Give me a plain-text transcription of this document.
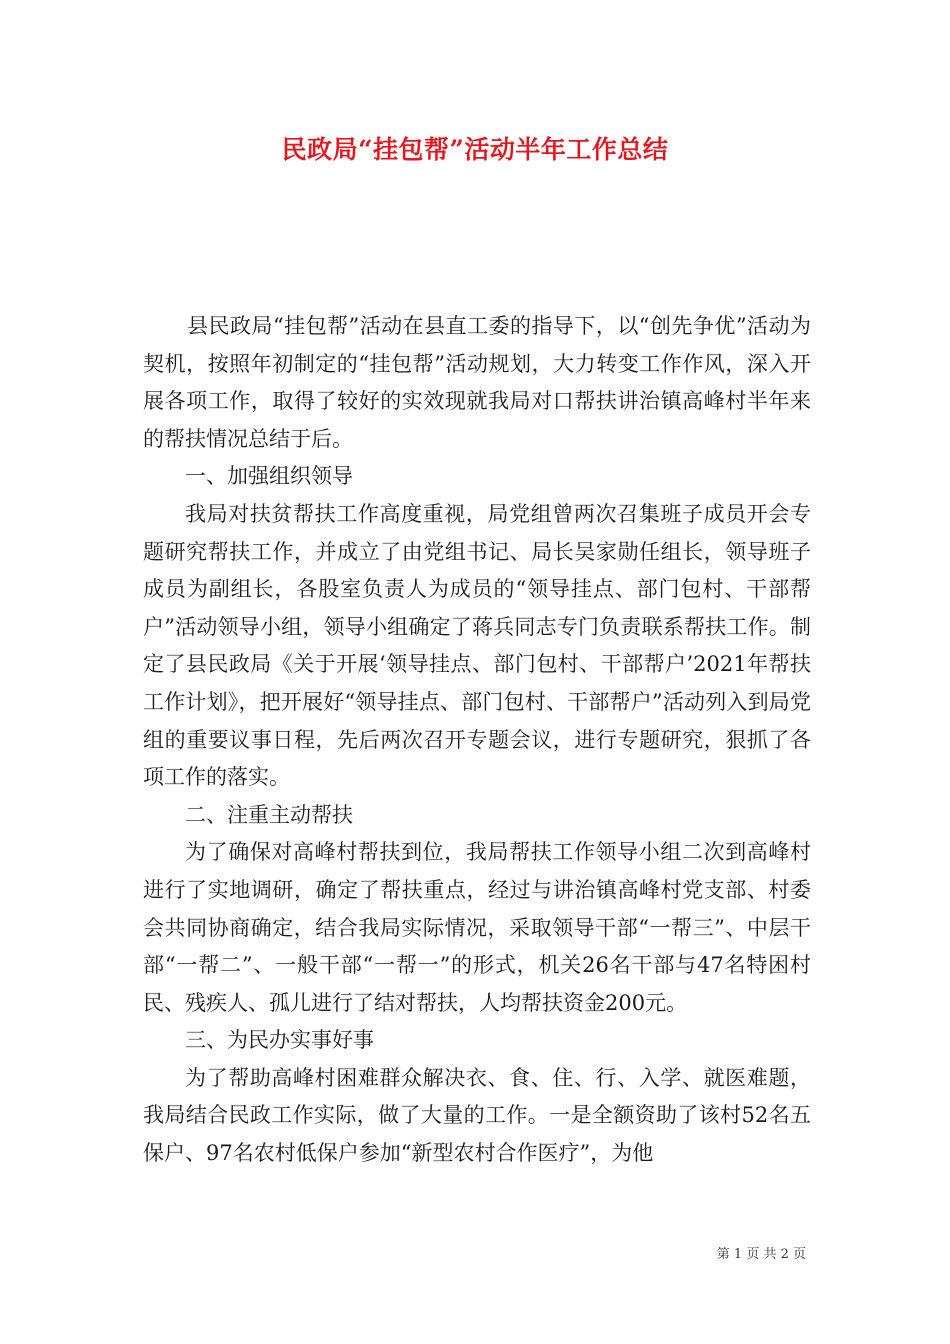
民政局“挂包帮”活动半年工作总结

县民政局“挂包帮”活动在县直工委的指导下，以“创先争优”活动为契机，按照年初制定的“挂包帮”活动规划，大力转变工作作风，深入开展各项工作，取得了较好的实效现就我局对口帮扶讲治镇高峰村半年来的帮扶情况总结于后。

一、加强组织领导

我局对扶贫帮扶工作高度重视，局党组曾两次召集班子成员开会专题研究帮扶工作，并成立了由党组书记、局长吴家勋任组长，领导班子成员为副组长，各股室负责人为成员的“领导挂点、部门包村、干部帮户”活动领导小组，领导小组确定了蒋兵同志专门负责联系帮扶工作。制定了县民政局《关于开展‘领导挂点、部门包村、干部帮户’2021年帮扶工作计划》，把开展好“领导挂点、部门包村、干部帮户”活动列入到局党组的重要议事日程，先后两次召开专题会议，进行专题研究，狠抓了各项工作的落实。

二、注重主动帮扶

为了确保对高峰村帮扶到位，我局帮扶工作领导小组二次到高峰村进行了实地调研，确定了帮扶重点，经过与讲治镇高峰村党支部、村委会共同协商确定，结合我局实际情况，采取领导干部“一帮三”、中层干部“一帮二”、一般干部“一帮一”的形式，机关26名干部与47名特困村民、残疾人、孤儿进行了结对帮扶，人均帮扶资金200元。

三、为民办实事好事

为了帮助高峰村困难群众解决衣、食、住、行、入学、就医难题，我局结合民政工作实际，做了大量的工作。一是全额资助了该村52名五保户、97名农村低保户参加“新型农村合作医疗”，为他

第 1 页 共 2 页
